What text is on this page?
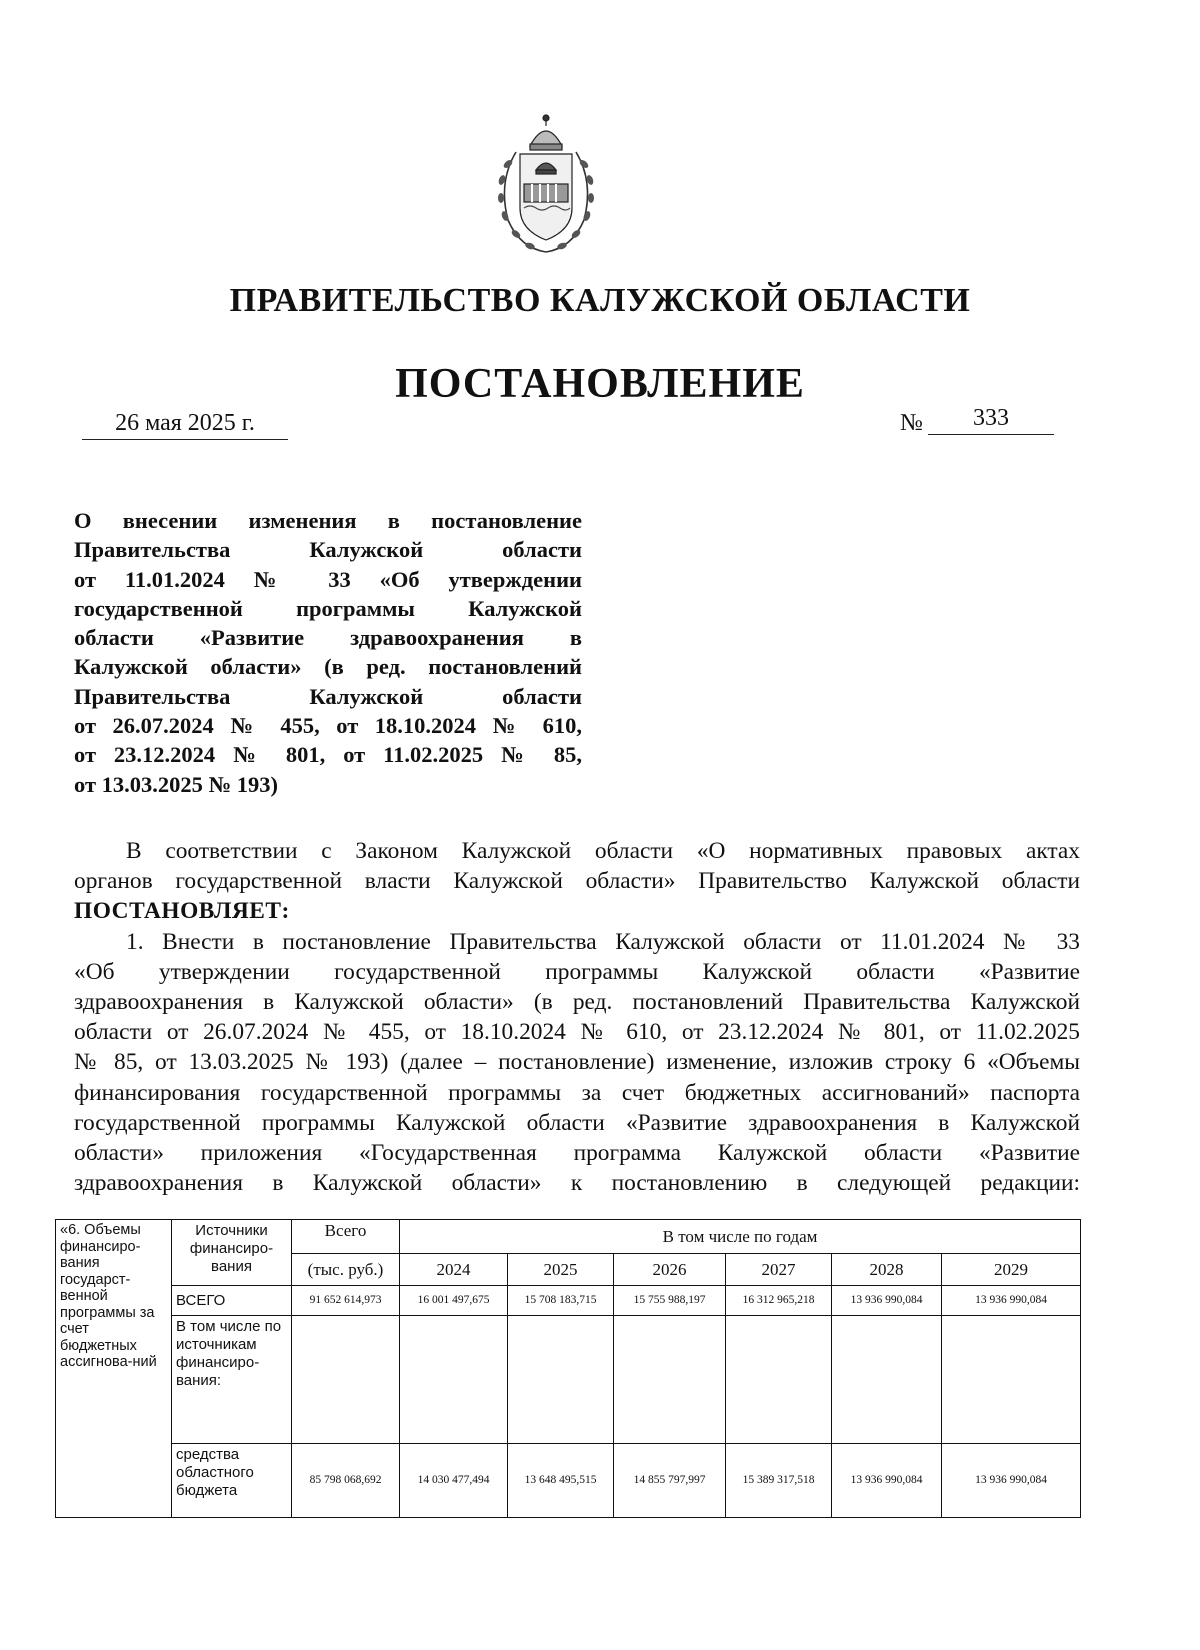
ПРАВИТЕЛЬСТВО КАЛУЖСКОЙ ОБЛАСТИ
ПОСТАНОВЛЕНИЕ
26 мая 2025 г.	№	333
О внесении изменения в постановление
Правительства Калужской области
от 11.01.2024 № 33 «Об утверждении
государственной программы Калужской
области «Развитие здравоохранения в
Калужской области» (в ред. постановлений
Правительства Калужской области
от 26.07.2024 № 455, от 18.10.2024 № 610,
от 23.12.2024 № 801, от 11.02.2025 № 85,
от 13.03.2025 № 193)
В соответствии с Законом Калужской области «О нормативных правовых актах
органов государственной власти Калужской области» Правительство Калужской области
ПОСТАНОВЛЯЕТ:
1. Внести в постановление Правительства Калужской области от 11.01.2024 № 33
«Об утверждении государственной программы Калужской области «Развитие
здравоохранения в Калужской области» (в ред. постановлений Правительства Калужской
области от 26.07.2024 № 455, от 18.10.2024 № 610, от 23.12.2024 № 801, от 11.02.2025
№ 85, от 13.03.2025 № 193) (далее – постановление) изменение, изложив строку 6 «Объемы
финансирования государственной программы за счет бюджетных ассигнований» паспорта
государственной программы Калужской области «Развитие здравоохранения в Калужской
области» приложения «Государственная программа Калужской области «Развитие
здравоохранения в Калужской области» к постановлению в следующей редакции:
«6. Объемы финансиро-вания государст-венной программы за счет бюджетных ассигнова-ний	Источники финансиро-вания	Всего	В том числе по годам					
		(тыс. руб.)	2024	2025	2026	2027	2028	2029
	ВСЕГО	91 652 614,973	16 001 497,675	15 708 183,715	15 755 988,197	16 312 965,218	13 936 990,084	13 936 990,084
	В том числе по источникам финансиро-вания:							
	средства областного бюджета	85 798 068,692	14 030 477,494	13 648 495,515	14 855 797,997	15 389 317,518	13 936 990,084	13 936 990,084
